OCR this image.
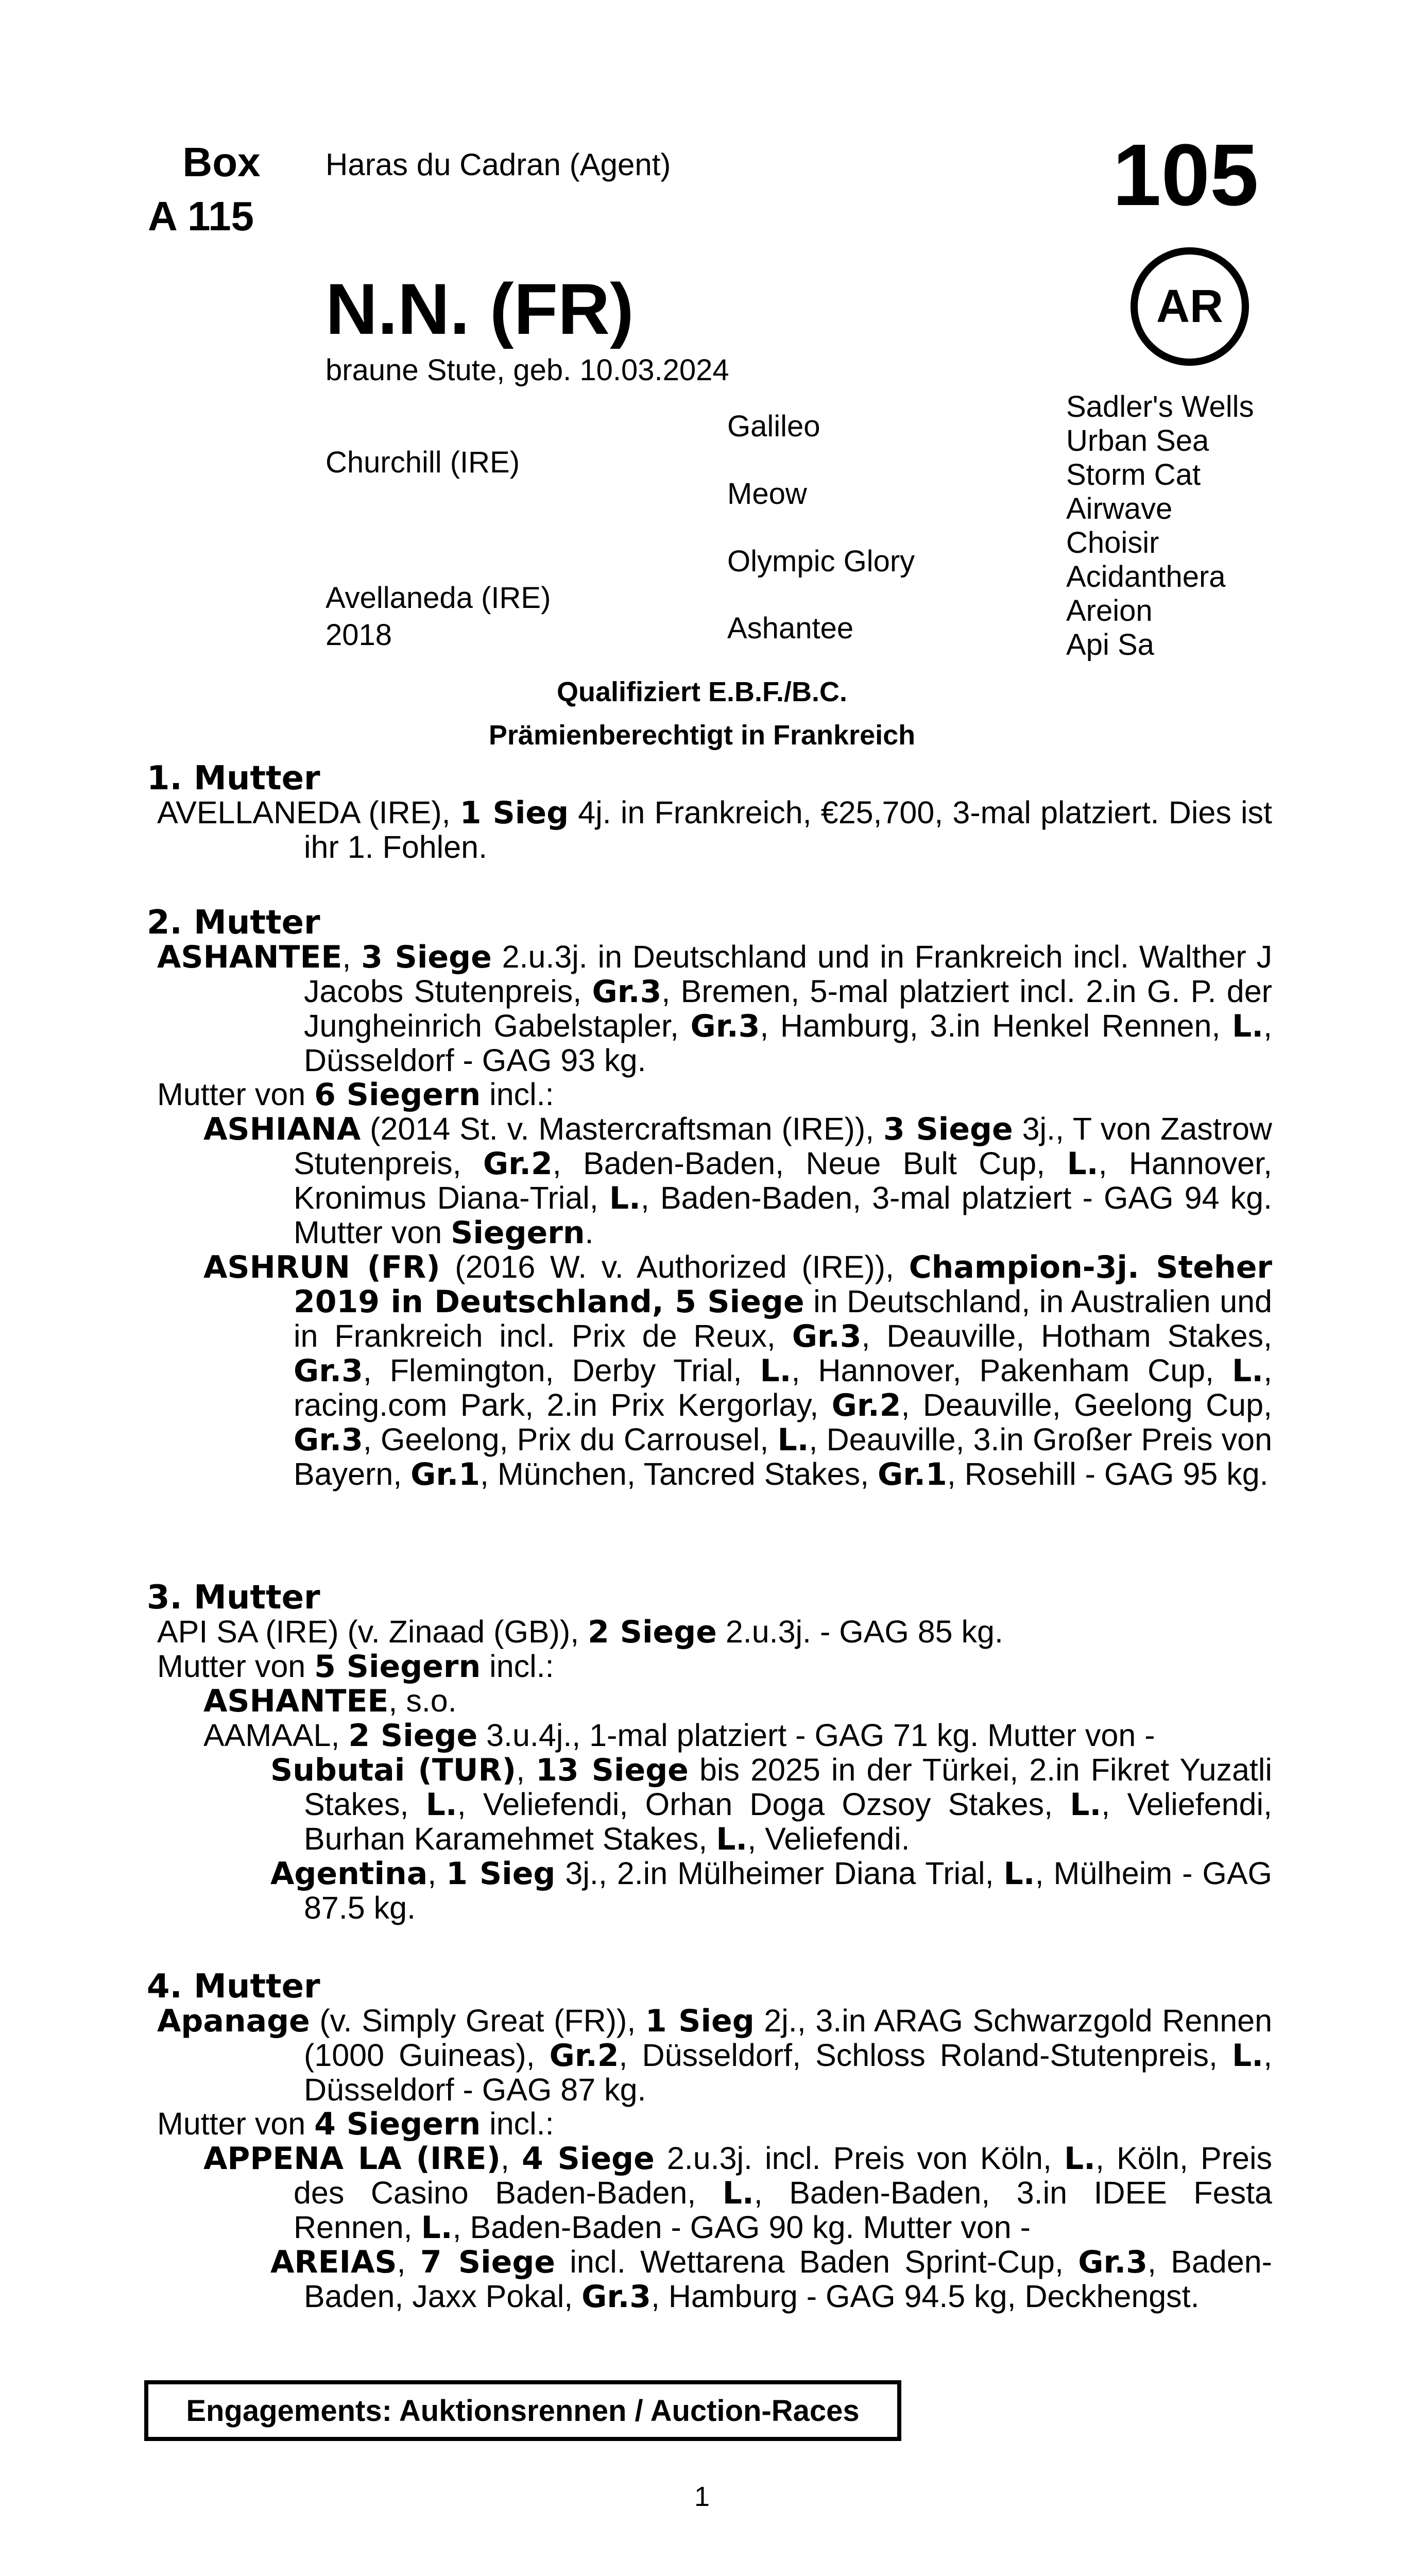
Box
A 115
Haras du Cadran (Agent)	105
AR
N.N. (FR)
braune Stute, geb. 10.03.2024
Churchill (IRE)
Avellaneda (IRE)
2018
Galileo
Meow
Olympic Glory
Ashantee
Sadler's Wells
Urban Sea
Storm Cat
Airwave
Choisir
Acidanthera
Areion
Api Sa
Qualifiziert E.B.F./B.C.
Prämienberechtigt in Frankreich

1. Mutter

AVELLANEDA (IRE), 1 Sieg 4j. in Frankreich, €25,700, 3-mal platziert. Dies ist ihr 1. Fohlen.

2. Mutter

ASHANTEE, 3 Siege 2.u.3j. in Deutschland und in Frankreich incl. Walther J Jacobs Stutenpreis, Gr.3, Bremen, 5-mal platziert incl. 2.in G. P. der Jungheinrich Gabelstapler, Gr.3, Hamburg, 3.in Henkel Rennen, L., Düsseldorf - GAG 93 kg.

Mutter von 6 Siegern incl.:

ASHIANA (2014 St. v. Mastercraftsman (IRE)), 3 Siege 3j., T von Zastrow Stutenpreis, Gr.2, Baden-Baden, Neue Bult Cup, L., Hannover, Kronimus Diana-Trial, L., Baden-Baden, 3-mal platziert - GAG 94 kg. Mutter von Siegern.

ASHRUN (FR) (2016 W. v. Authorized (IRE)), Champion-3j. Steher 2019 in Deutschland, 5 Siege in Deutschland, in Australien und in Frankreich incl. Prix de Reux, Gr.3, Deauville, Hotham Stakes, Gr.3, Flemington, Derby Trial, L., Hannover, Pakenham Cup, L., racing.com Park, 2.in Prix Kergorlay, Gr.2, Deauville, Geelong Cup, Gr.3, Geelong, Prix du Carrousel, L., Deauville, 3.in Großer Preis von Bayern, Gr.1, München, Tancred Stakes, Gr.1, Rosehill - GAG 95 kg.

3. Mutter

API SA (IRE) (v. Zinaad (GB)), 2 Siege 2.u.3j. - GAG 85 kg.

Mutter von 5 Siegern incl.:

ASHANTEE, s.o.

AAMAAL, 2 Siege 3.u.4j., 1-mal platziert - GAG 71 kg. Mutter von -

Subutai (TUR), 13 Siege bis 2025 in der Türkei, 2.in Fikret Yuzatli Stakes, L., Veliefendi, Orhan Doga Ozsoy Stakes, L., Veliefendi, Burhan Karamehmet Stakes, L., Veliefendi.

Agentina, 1 Sieg 3j., 2.in Mülheimer Diana Trial, L., Mülheim - GAG 87.5 kg.

4. Mutter

Apanage (v. Simply Great (FR)), 1 Sieg 2j., 3.in ARAG Schwarzgold Rennen (1000 Guineas), Gr.2, Düsseldorf, Schloss Roland-Stutenpreis, L., Düsseldorf - GAG 87 kg.

Mutter von 4 Siegern incl.:

APPENA LA (IRE), 4 Siege 2.u.3j. incl. Preis von Köln, L., Köln, Preis des Casino Baden-Baden, L., Baden-Baden, 3.in IDEE Festa Rennen, L., Baden-Baden - GAG 90 kg. Mutter von -

AREIAS, 7 Siege incl. Wettarena Baden Sprint-Cup, Gr.3, Baden-Baden, Jaxx Pokal, Gr.3, Hamburg - GAG 94.5 kg, Deckhengst.

Engagements: Auktionsrennen / Auction-Races
1
